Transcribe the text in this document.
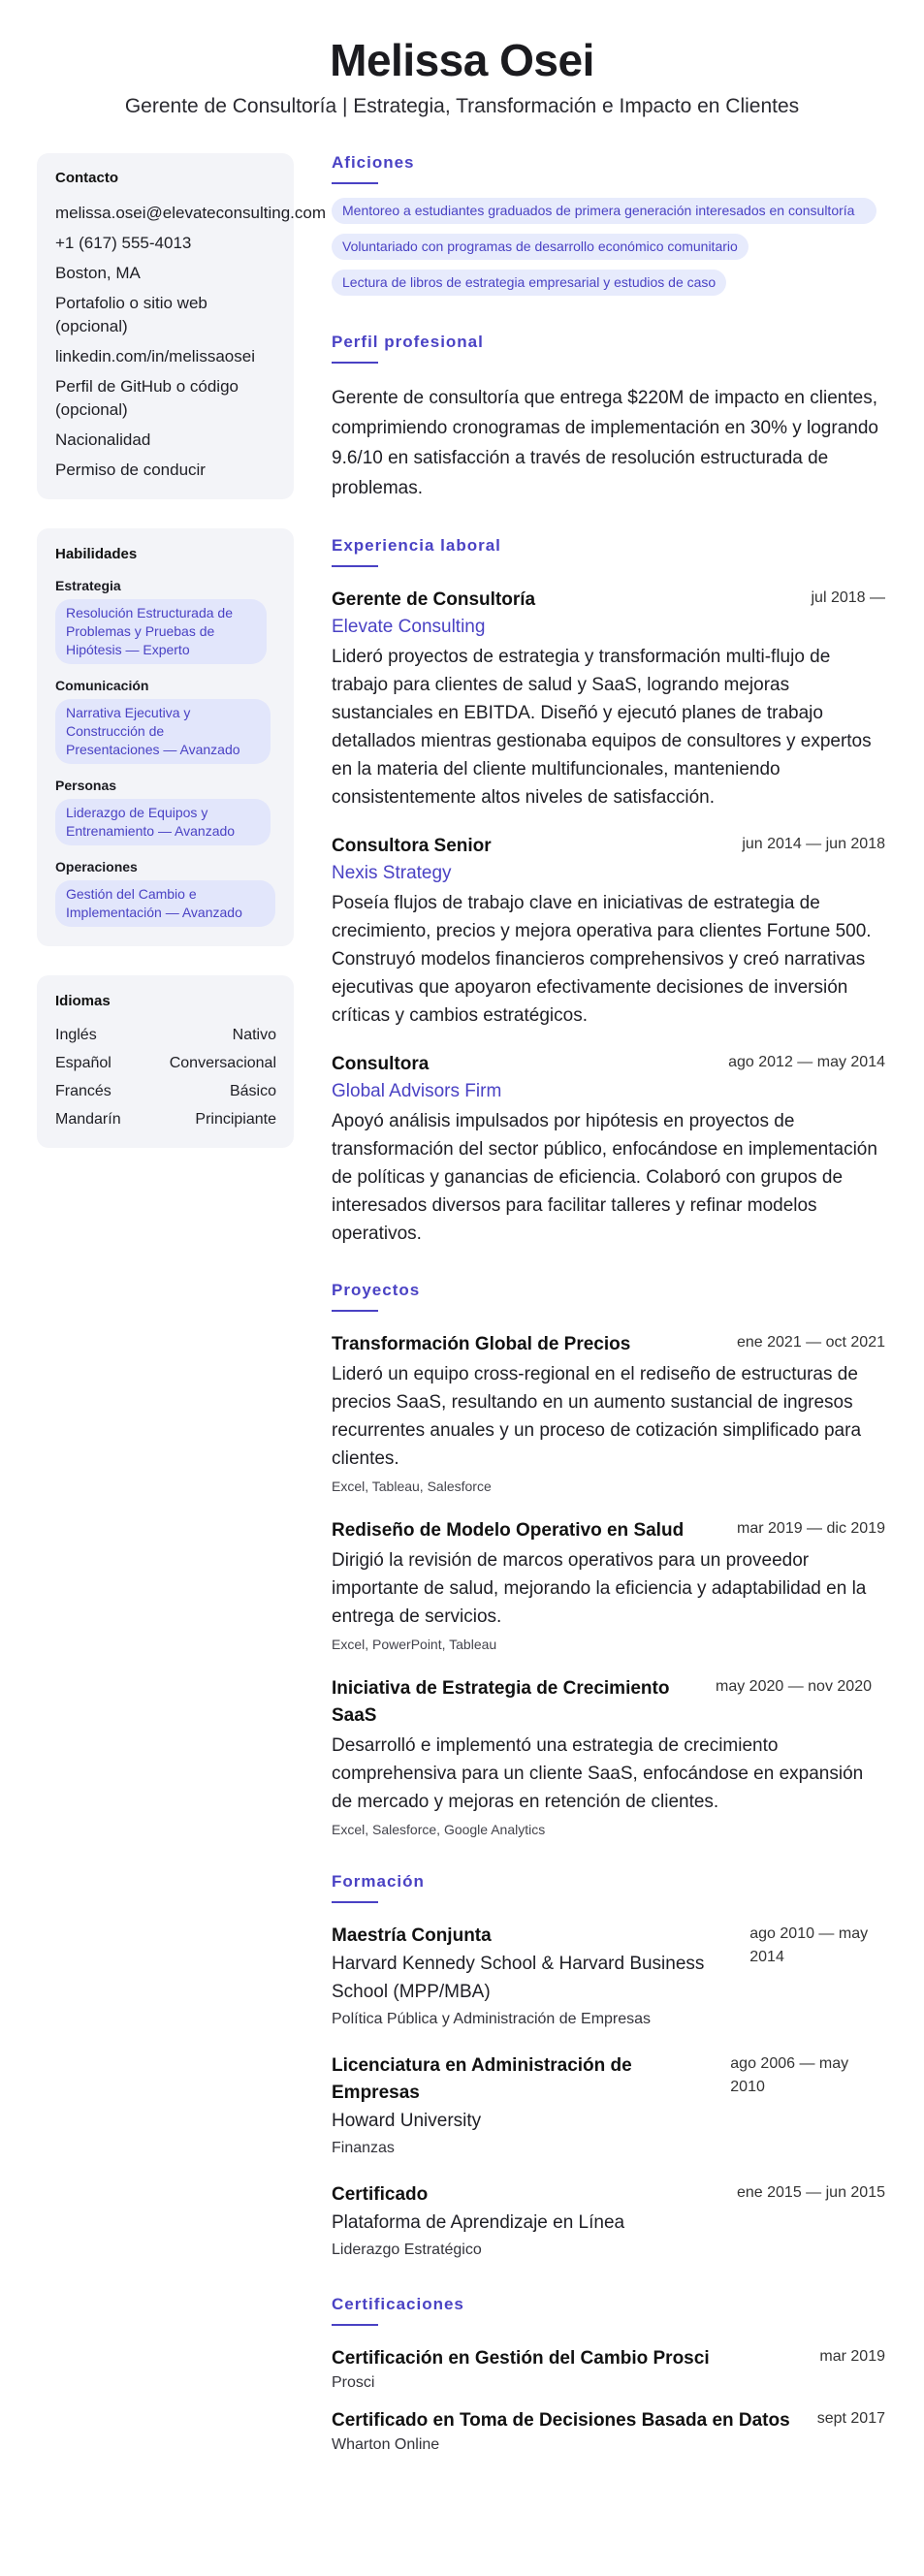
Melissa Osei
Gerente de Consultoría | Estrategia, Transformación e Impacto en Clientes
Contacto
melissa.osei@elevateconsulting.com
+1 (617) 555-4013
Boston, MA
Portafolio o sitio web (opcional)
linkedin.com/in/melissaosei
Perfil de GitHub o código (opcional)
Nacionalidad
Permiso de conducir
Habilidades
Estrategia
Resolución Estructurada de Problemas y Pruebas de Hipótesis — Experto
Comunicación
Narrativa Ejecutiva y Construcción de Presentaciones — Avanzado
Personas
Liderazgo de Equipos y Entrenamiento — Avanzado
Operaciones
Gestión del Cambio e Implementación — Avanzado
Idiomas
Inglés	Nativo
Español	Conversacional
Francés	Básico
Mandarín	Principiante
Aficiones
Mentoreo a estudiantes graduados de primera generación interesados en consultoría
Voluntariado con programas de desarrollo económico comunitario
Lectura de libros de estrategia empresarial y estudios de caso
Perfil profesional
Gerente de consultoría que entrega $220M de impacto en clientes, comprimiendo cronogramas de implementación en 30% y logrando 9.6/10 en satisfacción a través de resolución estructurada de problemas.
Experiencia laboral
Gerente de Consultoría	jul 2018 —
Elevate Consulting
Lideró proyectos de estrategia y transformación multi-flujo de trabajo para clientes de salud y SaaS, logrando mejoras sustanciales en EBITDA. Diseñó y ejecutó planes de trabajo detallados mientras gestionaba equipos de consultores y expertos en la materia del cliente multifuncionales, manteniendo consistentemente altos niveles de satisfacción.
Consultora Senior	jun 2014 — jun 2018
Nexis Strategy
Poseía flujos de trabajo clave en iniciativas de estrategia de crecimiento, precios y mejora operativa para clientes Fortune 500. Construyó modelos financieros comprehensivos y creó narrativas ejecutivas que apoyaron efectivamente decisiones de inversión críticas y cambios estratégicos.
Consultora	ago 2012 — may 2014
Global Advisors Firm
Apoyó análisis impulsados por hipótesis en proyectos de transformación del sector público, enfocándose en implementación de políticas y ganancias de eficiencia. Colaboró con grupos de interesados diversos para facilitar talleres y refinar modelos operativos.
Proyectos
Transformación Global de Precios	ene 2021 — oct 2021
Lideró un equipo cross-regional en el rediseño de estructuras de precios SaaS, resultando en un aumento sustancial de ingresos recurrentes anuales y un proceso de cotización simplificado para clientes.
Excel, Tableau, Salesforce
Rediseño de Modelo Operativo en Salud	mar 2019 — dic 2019
Dirigió la revisión de marcos operativos para un proveedor importante de salud, mejorando la eficiencia y adaptabilidad en la entrega de servicios.
Excel, PowerPoint, Tableau
Iniciativa de Estrategia de Crecimiento SaaS
may 2020 — nov 2020
Desarrolló e implementó una estrategia de crecimiento comprehensiva para un cliente SaaS, enfocándose en expansión de mercado y mejoras en retención de clientes.
Excel, Salesforce, Google Analytics
Formación
Maestría Conjunta
Harvard Kennedy School & Harvard Business School (MPP/MBA)
ago 2010 — may 2014
Política Pública y Administración de Empresas
Licenciatura en Administración de Empresas
Howard University
ago 2006 — may 2010
Finanzas
Certificado
Plataforma de Aprendizaje en Línea
ene 2015 — jun 2015
Liderazgo Estratégico
Certificaciones
Certificación en Gestión del Cambio Prosci	mar 2019
Prosci
Certificado en Toma de Decisiones Basada en Datos	sept 2017
Wharton Online
